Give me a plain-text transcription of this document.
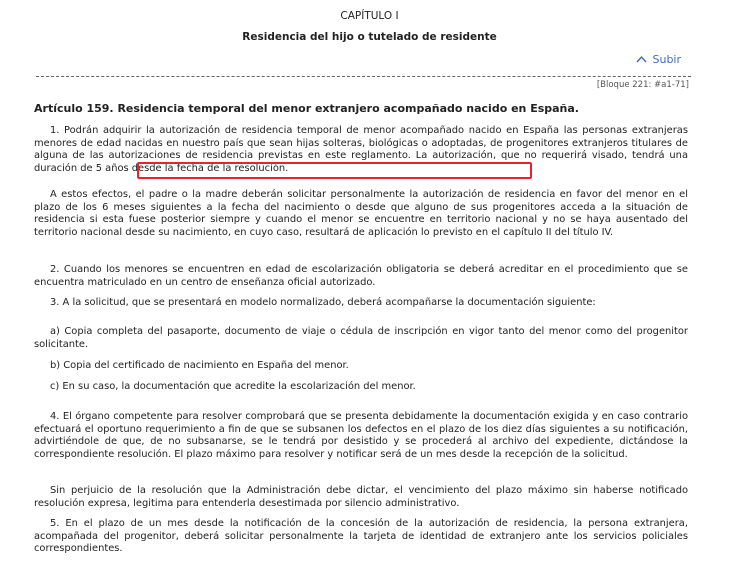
CAPÍTULO I
Residencia del hijo o tutelado de residente
Subir
[Bloque 221: #a1-71]
Artículo 159. Residencia temporal del menor extranjero acompañado nacido en España.

1. Podrán adquirir la autorización de residencia temporal de menor acompañado nacido en España las personas extranjeras menores de edad nacidas en nuestro país que sean hijas solteras, biológicas o adoptadas, de progenitores extranjeros titulares de alguna de las autorizaciones de residencia previstas en este reglamento. La autorización, que no requerirá visado, tendrá una duración de 5 años desde la fecha de la resolución.

A estos efectos, el padre o la madre deberán solicitar personalmente la autorización de residencia en favor del menor en el plazo de los 6 meses siguientes a la fecha del nacimiento o desde que alguno de sus progenitores acceda a la situación de residencia si esta fuese posterior siempre y cuando el menor se encuentre en territorio nacional y no se haya ausentado del territorio nacional desde su nacimiento, en cuyo caso, resultará de aplicación lo previsto en el capítulo II del título IV.

2. Cuando los menores se encuentren en edad de escolarización obligatoria se deberá acreditar en el procedimiento que se encuentra matriculado en un centro de enseñanza oficial autorizado.

3. A la solicitud, que se presentará en modelo normalizado, deberá acompañarse la documentación siguiente:

a) Copia completa del pasaporte, documento de viaje o cédula de inscripción en vigor tanto del menor como del progenitor solicitante.

b) Copia del certificado de nacimiento en España del menor.

c) En su caso, la documentación que acredite la escolarización del menor.

4. El órgano competente para resolver comprobará que se presenta debidamente la documentación exigida y en caso contrario efectuará el oportuno requerimiento a fin de que se subsanen los defectos en el plazo de los diez días siguientes a su notificación, advirtiéndole de que, de no subsanarse, se le tendrá por desistido y se procederá al archivo del expediente, dictándose la correspondiente resolución. El plazo máximo para resolver y notificar será de un mes desde la recepción de la solicitud.

Sin perjuicio de la resolución que la Administración debe dictar, el vencimiento del plazo máximo sin haberse notificado resolución expresa, legitima para entenderla desestimada por silencio administrativo.

5. En el plazo de un mes desde la notificación de la concesión de la autorización de residencia, la persona extranjera, acompañada del progenitor, deberá solicitar personalmente la tarjeta de identidad de extranjero ante los servicios policiales correspondientes.
